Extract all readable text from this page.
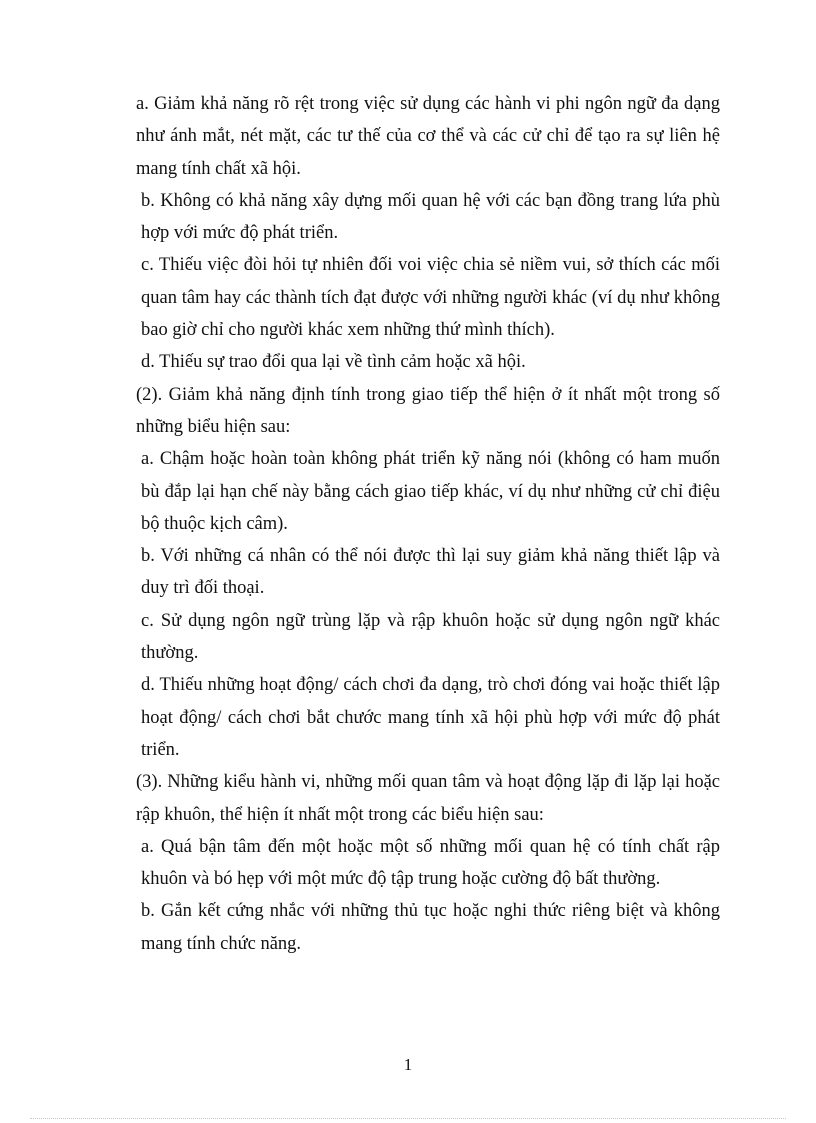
a. Giảm khả năng rõ rệt trong việc sử dụng các hành vi phi ngôn ngữ đa dạng như ánh mắt, nét mặt, các tư thế của cơ thể và các cử chỉ để tạo ra sự liên hệ mang tính chất xã hội.

b. Không có khả năng xây dựng mối quan hệ với các bạn đồng trang lứa phù hợp với mức độ phát triển.

c. Thiếu việc đòi hỏi tự nhiên đối voi việc chia sẻ niềm vui, sở thích các mối quan tâm hay các thành tích đạt được với những người khác (ví dụ như không bao giờ chỉ cho người khác xem những thứ mình thích).

d. Thiếu sự trao đổi qua lại về tình cảm hoặc xã hội.

(2). Giảm khả năng định tính trong giao tiếp thể hiện ở ít nhất một trong số những biểu hiện sau:

a. Chậm hoặc hoàn toàn không phát triển kỹ năng nói (không có ham muốn bù đắp lại hạn chế này bằng cách giao tiếp khác, ví dụ như những cử chỉ điệu bộ thuộc kịch câm).

b. Với những cá nhân có thể nói được thì lại suy giảm khả năng thiết lập và duy trì đối thoại.

c. Sử dụng ngôn ngữ trùng lặp và rập khuôn hoặc sử dụng ngôn ngữ khác thường.

d. Thiếu những hoạt động/ cách chơi đa dạng, trò chơi đóng vai hoặc thiết lập hoạt động/ cách chơi bắt chước mang tính xã hội phù hợp với mức độ phát triển.

(3). Những kiểu hành vi, những mối quan tâm và hoạt động lặp đi lặp lại hoặc rập khuôn, thể hiện ít nhất một trong các biểu hiện sau:

a. Quá bận tâm đến một hoặc một số những mối quan hệ có tính chất rập khuôn và bó hẹp với một mức độ tập trung hoặc cường độ bất thường.

b. Gắn kết cứng nhắc với những thủ tục hoặc nghi thức riêng biệt và không mang tính chức năng.

1
